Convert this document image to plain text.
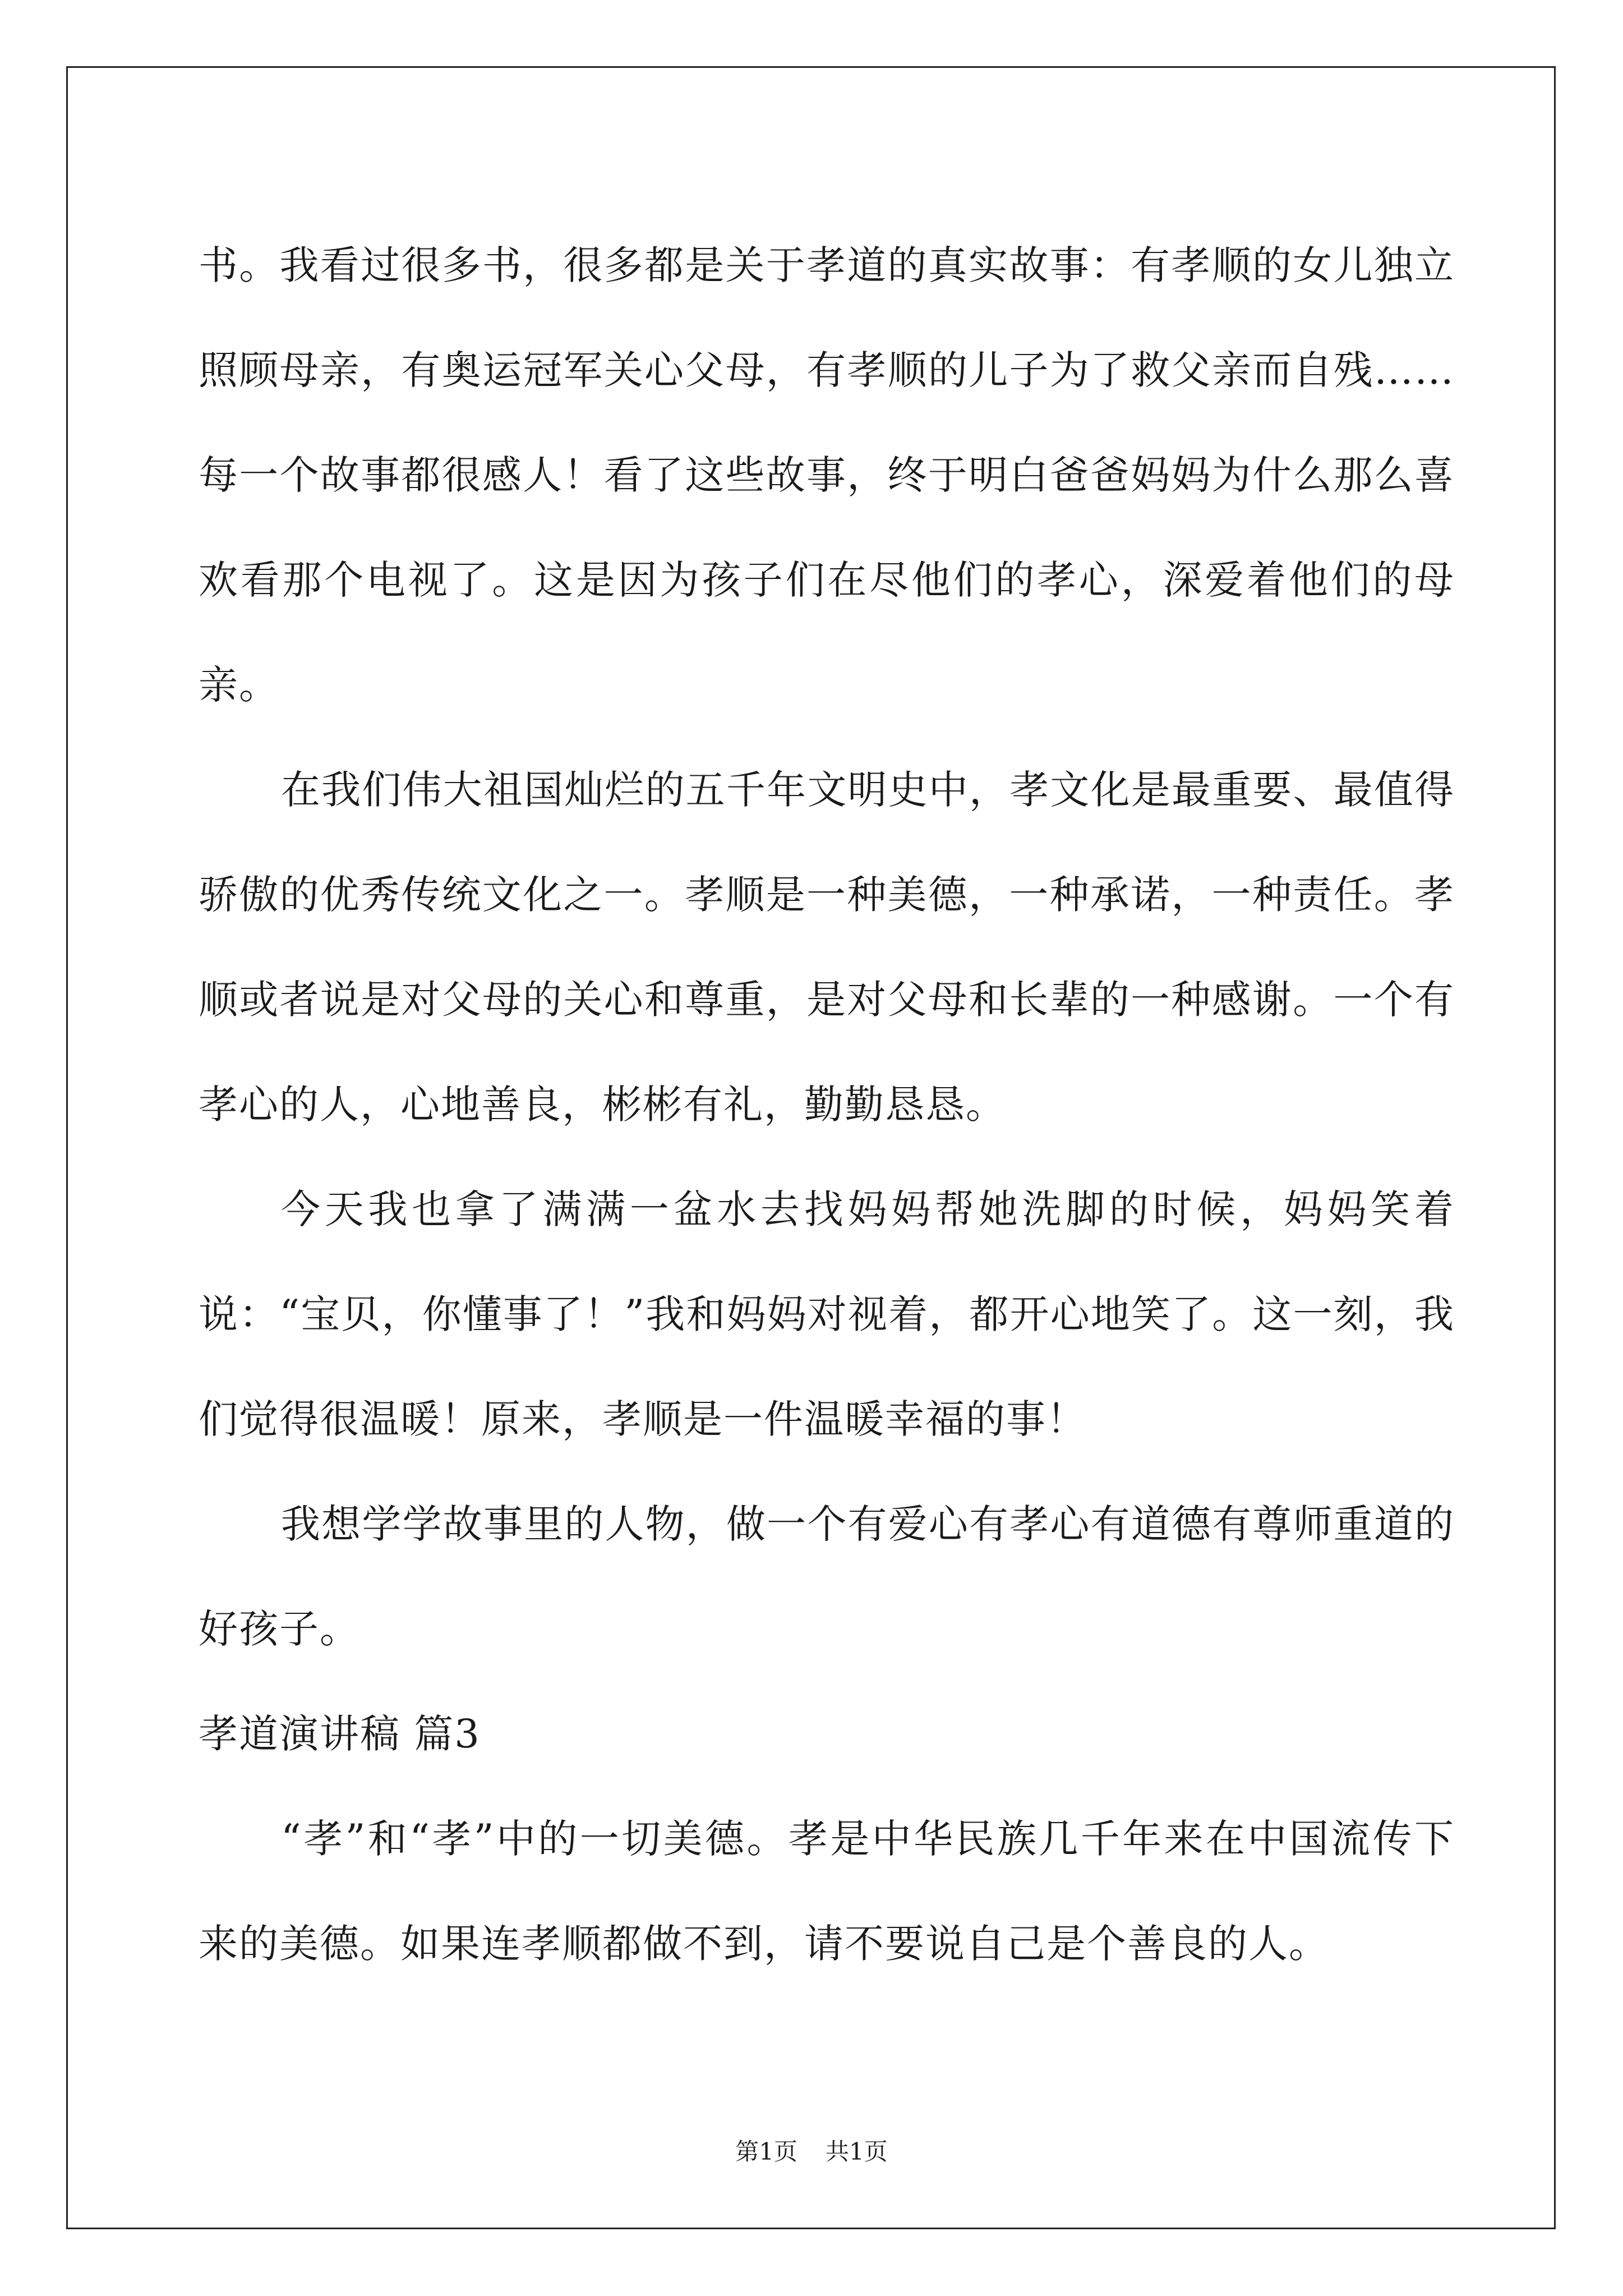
书。我看过很多书，很多都是关于孝道的真实故事：有孝顺的女儿独立照顾母亲，有奥运冠军关心父母，有孝顺的儿子为了救父亲而自残……每一个故事都很感人！看了这些故事，终于明白爸爸妈妈为什么那么喜欢看那个电视了。这是因为孩子们在尽他们的孝心，深爱着他们的母亲。

在我们伟大祖国灿烂的五千年文明史中，孝文化是最重要、最值得骄傲的优秀传统文化之一。孝顺是一种美德，一种承诺，一种责任。孝顺或者说是对父母的关心和尊重，是对父母和长辈的一种感谢。一个有孝心的人，心地善良，彬彬有礼，勤勤恳恳。

今天我也拿了满满一盆水去找妈妈帮她洗脚的时候，妈妈笑着说：“宝贝，你懂事了！”我和妈妈对视着，都开心地笑了。这一刻，我们觉得很温暖！原来，孝顺是一件温暖幸福的事！

我想学学故事里的人物，做一个有爱心有孝心有道德有尊师重道的好孩子。

孝道演讲稿 篇3

“孝”和“孝”中的一切美德。孝是中华民族几千年来在中国流传下来的美德。如果连孝顺都做不到，请不要说自己是个善良的人。

第1页 共1页
